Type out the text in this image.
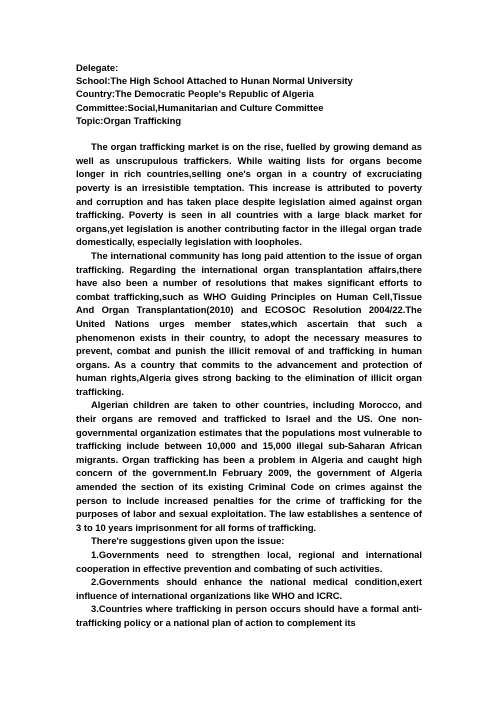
Delegate:
School:The High School Attached to Hunan Normal University
Country:The Democratic People's Republic of Algeria
Committee:Social,Humanitarian and Culture Committee
Topic:Organ Trafficking

The organ trafficking market is on the rise, fuelled by growing demand as well as unscrupulous traffickers. While waiting lists for organs become longer in rich countries,selling one's organ in a country of excruciating poverty is an irresistible temptation. This increase is attributed to poverty and corruption and has taken place despite legislation aimed against organ trafficking. Poverty is seen in all countries with a large black market for organs,yet legislation is another contributing factor in the illegal organ trade domestically, especially legislation with loopholes.

The international community has long paid attention to the issue of organ trafficking. Regarding the international organ transplantation affairs,there have also been a number of resolutions that makes significant efforts to combat trafficking,such as WHO Guiding Principles on Human Cell,Tissue And Organ Transplantation(2010) and ECOSOC Resolution 2004/22.The United Nations urges member states,which ascertain that such a phenomenon exists in their country, to adopt the necessary measures to prevent, combat and punish the illicit removal of and trafficking in human organs. As a country that commits to the advancement and protection of human rights,Algeria gives strong backing to the elimination of illicit organ trafficking.

Algerian children are taken to other countries, including Morocco, and their organs are removed and trafficked to Israel and the US. One non-governmental organization estimates that the populations most vulnerable to trafficking include between 10,000 and 15,000 illegal sub-Saharan African migrants. Organ trafficking has been a problem in Algeria and caught high concern of the government.In February 2009, the government of Algeria amended the section of its existing Criminal Code on crimes against the person to include increased penalties for the crime of trafficking for the purposes of labor and sexual exploitation. The law establishes a sentence of 3 to 10 years imprisonment for all forms of trafficking.

There're suggestions given upon the issue:

1.Governments need to strengthen local, regional and international cooperation in effective prevention and combating of such activities.

2.Governments should enhance the national medical condition,exert influence of international organizations like WHO and ICRC.

3.Countries where trafficking in person occurs should have a formal anti-trafficking policy or a national plan of action to complement its
